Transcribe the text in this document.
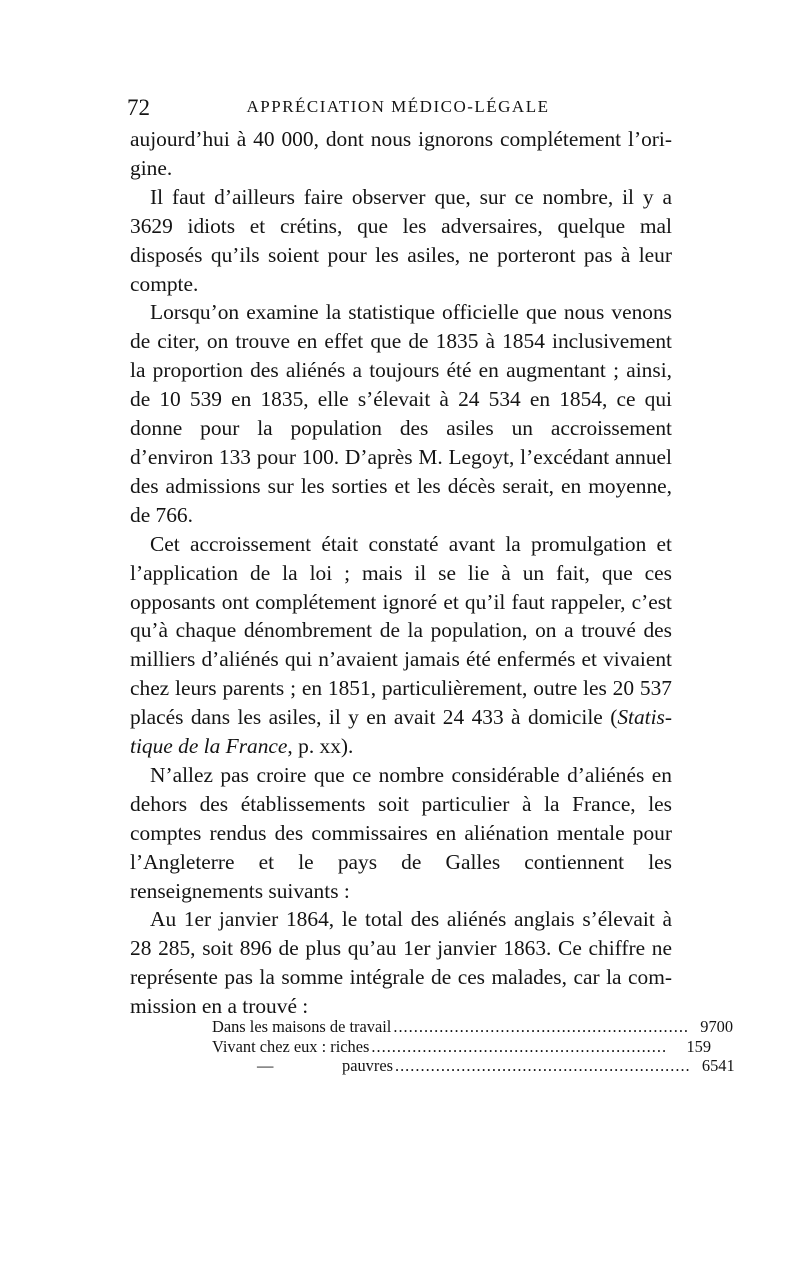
72	APPRÉCIATION MÉDICO-LÉGALE

aujourd’hui à 40 000, dont nous ignorons complétement l’origine.

Il faut d’ailleurs faire observer que, sur ce nombre, il y a 3629 idiots et crétins, que les adversaires, quelque mal disposés qu’ils soient pour les asiles, ne porteront pas à leur compte.

Lorsqu’on examine la statistique officielle que nous venons de citer, on trouve en effet que de 1835 à 1854 inclusivement la proportion des aliénés a toujours été en augmentant ; ainsi, de 10 539 en 1835, elle s’élevait à 24 534 en 1854, ce qui donne pour la population des asiles un accroissement d’environ 133 pour 100. D’après M. Legoyt, l’excédant annuel des admissions sur les sorties et les décès serait, en moyenne, de 766.

Cet accroissement était constaté avant la promulgation et l’application de la loi ; mais il se lie à un fait, que ces opposants ont complétement ignoré et qu’il faut rappeler, c’est qu’à chaque dénombrement de la population, on a trouvé des milliers d’aliénés qui n’avaient jamais été enfermés et vivaient chez leurs parents ; en 1851, particulièrement, outre les 20 537 placés dans les asiles, il y en avait 24 433 à domicile (Statistique de la France, p. xx).

N’allez pas croire que ce nombre considérable d’aliénés en dehors des établissements soit particulier à la France, les comptes rendus des commissaires en aliénation mentale pour l’Angleterre et le pays de Galles contiennent les renseignements suivants :

Au 1er janvier 1864, le total des aliénés anglais s’élevait à 28 285, soit 896 de plus qu’au 1er janvier 1863. Ce chiffre ne représente pas la somme intégrale de ces malades, car la commission en a trouvé :

Dans les maisons de travail .......................................................... 9700
Vivant chez eux : riches ..........................................................	159
—	pauvres .......................................................... 6541
